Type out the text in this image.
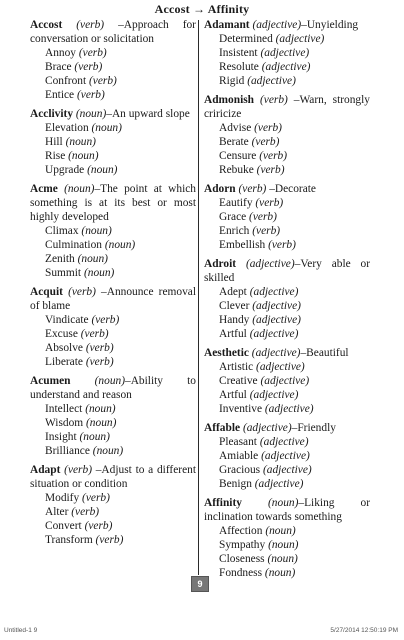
Accost → Affinity
Accost (verb) –Approach for conversation or solicitation
Annoy (verb)
Brace (verb)
Confront (verb)
Entice (verb)
Acclivity (noun)–An upward slope
Elevation (noun)
Hill (noun)
Rise (noun)
Upgrade (noun)
Acme (noun)–The point at which something is at its best or most highly developed
Climax (noun)
Culmination (noun)
Zenith (noun)
Summit (noun)
Acquit (verb) –Announce removal of blame
Vindicate (verb)
Excuse (verb)
Absolve (verb)
Liberate (verb)
Acumen (noun)–Ability to understand and reason
Intellect (noun)
Wisdom (noun)
Insight (noun)
Brilliance (noun)
Adapt (verb) –Adjust to a different situation or condition
Modify (verb)
Alter (verb)
Convert (verb)
Transform (verb)
Adamant (adjective)–Unyielding
Determined (adjective)
Insistent (adjective)
Resolute (adjective)
Rigid (adjective)
Admonish (verb) –Warn, strongly criricize
Advise (verb)
Berate (verb)
Censure (verb)
Rebuke (verb)
Adorn (verb) –Decorate
Eautify (verb)
Grace (verb)
Enrich (verb)
Embellish (verb)
Adroit (adjective)–Very able or skilled
Adept (adjective)
Clever (adjective)
Handy (adjective)
Artful (adjective)
Aesthetic (adjective)–Beautiful
Artistic (adjective)
Creative (adjective)
Artful (adjective)
Inventive (adjective)
Affable (adjective)–Friendly
Pleasant (adjective)
Amiable (adjective)
Gracious (adjective)
Benign (adjective)
Affinity (noun)–Liking or inclination towards something
Affection (noun)
Sympathy (noun)
Closeness (noun)
Fondness (noun)
9
Untitled-1 9	5/27/2014 12:50:19 PM
